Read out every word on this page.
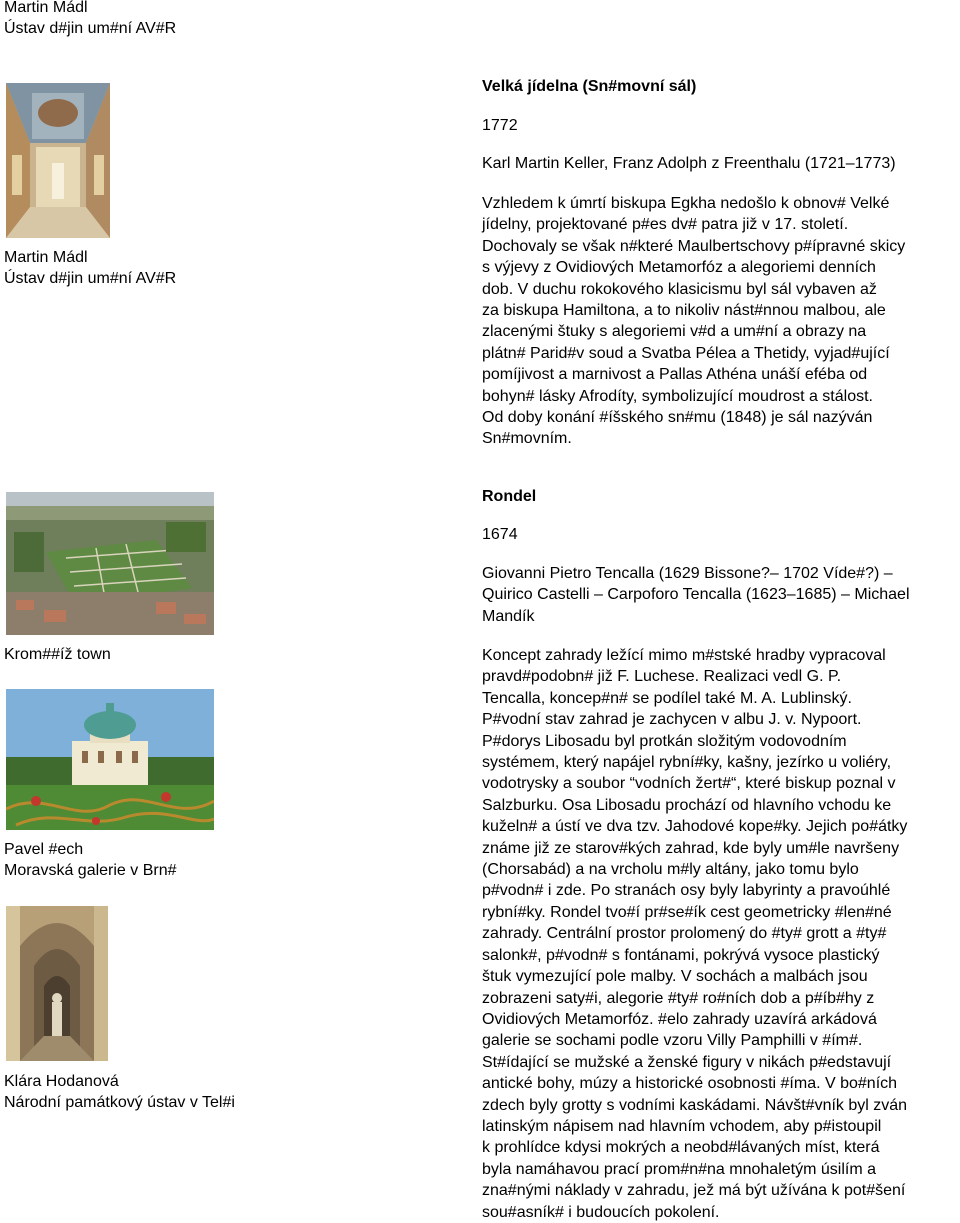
Martin Mádl

Ústav d#jin um#ní AV#R

Martin Mádl

Ústav d#jin um#ní AV#R

Krom##íž town

Pavel #ech

Moravská galerie v Brn#

Klára Hodanová

Národní památkový ústav v Tel#i

Velká jídelna (Sn#movní sál)

1772

Karl Martin Keller, Franz Adolph z Freenthalu (1721–1773)

Vzhledem k úmrtí biskupa Egkha nedošlo k obnov# Velké
jídelny, projektované p#es dv# patra již v 17. století.
Dochovaly se však n#které Maulbertschovy p#ípravné skicy
s výjevy z Ovidiových Metamorfóz a alegoriemi denních
dob. V duchu rokokového klasicismu byl sál vybaven až
za biskupa Hamiltona, a to nikoliv nást#nnou malbou, ale
zlacenými štuky s alegoriemi v#d a um#ní a obrazy na
plátn# Parid#v soud a Svatba Pélea a Thetidy, vyjad#ující
pomíjivost a marnivost a Pallas Athéna unáší eféba od
bohyn# lásky Afrodíty, symbolizující moudrost a stálost.
Od doby konání #íšského sn#mu (1848) je sál nazýván
Sn#movním.

Rondel

1674

Giovanni Pietro Tencalla (1629 Bissone?– 1702 Víde#?) –
Quirico Castelli – Carpoforo Tencalla (1623–1685) – Michael
Mandík

Koncept zahrady ležící mimo m#stské hradby vypracoval
pravd#podobn# již F. Luchese. Realizaci vedl G. P.
Tencalla, koncep#n# se podílel také M. A. Lublinský.
P#vodní stav zahrad je zachycen v albu J. v. Nypoort.
P#dorys Libosadu byl protkán složitým vodovodním
systémem, který napájel rybní#ky, kašny, jezírko u voliéry,
vodotrysky a soubor “vodních žert#“, které biskup poznal v
Salzburku. Osa Libosadu prochází od hlavního vchodu ke
kuželn# a ústí ve dva tzv. Jahodové kope#ky. Jejich po#átky
známe již ze starov#kých zahrad, kde byly um#le navršeny
(Chorsabád) a na vrcholu m#ly altány, jako tomu bylo
p#vodn# i zde. Po stranách osy byly labyrinty a pravoúhlé
rybní#ky. Rondel tvo#í pr#se#ík cest geometricky #len#né
zahrady. Centrální prostor prolomený do #ty# grott a #ty#
salonk#, p#vodn# s fontánami, pokrývá vysoce plastický
štuk vymezující pole malby. V sochách a malbách jsou
zobrazeni saty#i, alegorie #ty# ro#ních dob a p#íb#hy z
Ovidiových Metamorfóz. #elo zahrady uzavírá arkádová
galerie se sochami podle vzoru Villy Pamphilli v #ím#.
St#ídající se mužské a ženské figury v nikách p#edstavují
antické bohy, múzy a historické osobnosti #íma. V bo#ních
zdech byly grotty s vodními kaskádami. Návšt#vník byl zván
latinským nápisem nad hlavním vchodem, aby p#istoupil
k prohlídce kdysi mokrých a neobd#lávaných míst, která
byla namáhavou prací prom#n#na mnohaletým úsilím a
zna#nými náklady v zahradu, jež má být užívána k pot#šení
sou#asník# i budoucích pokolení.
